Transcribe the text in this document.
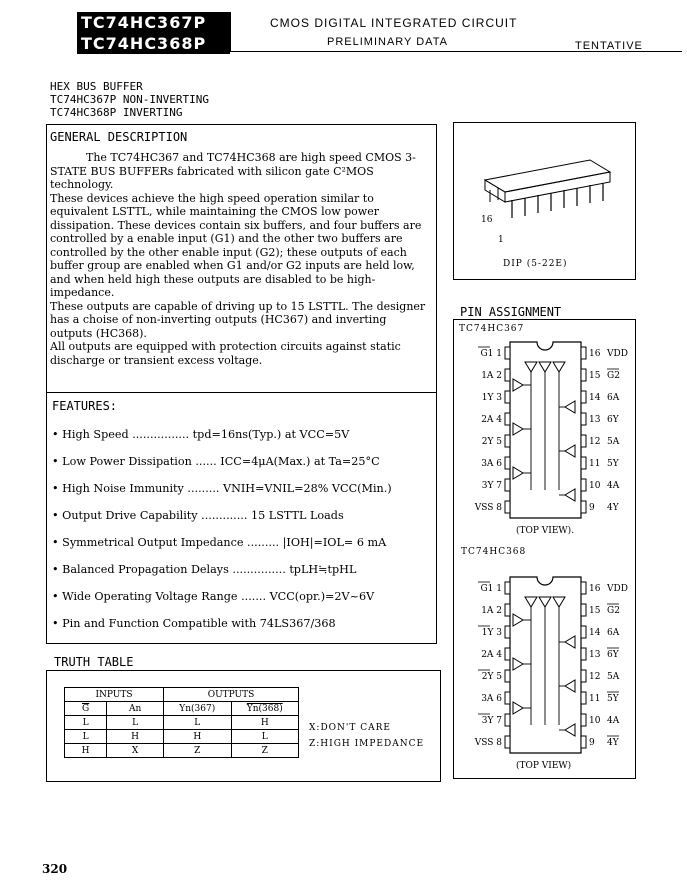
TC74HC367P
TC74HC368P
CMOS DIGITAL INTEGRATED CIRCUIT
PRELIMINARY DATA	TENTATIVE
HEX BUS BUFFER
TC74HC367P NON-INVERTING
TC74HC368P INVERTING
GENERAL DESCRIPTION

The TC74HC367 and TC74HC368 are high speed CMOS 3-STATE BUS BUFFERs fabricated with silicon gate C²MOS technology.

These devices achieve the high speed operation similar to equivalent LSTTL, while maintaining the CMOS low power dissipation. These devices contain six buffers, and four buffers are controlled by a enable input (G1) and the other two buffers are controlled by the other enable input (G2); these outputs of each buffer group are enabled when G1 and/or G2 inputs are held low, and when held high these outputs are disabled to be high-impedance.

These outputs are capable of driving up to 15 LSTTL. The designer has a choise of non-inverting outputs (HC367) and inverting outputs (HC368).

All outputs are equipped with protection circuits against static discharge or transient excess voltage.

FEATURES:
• High Speed ................ tpd=16ns(Typ.) at VCC=5V
• Low Power Dissipation ...... ICC=4μA(Max.) at Ta=25°C
• High Noise Immunity ......... VNIH=VNIL=28% VCC(Min.)
• Output Drive Capability ............. 15 LSTTL Loads
• Symmetrical Output Impedance ......... |IOH|=IOL= 6 mA
• Balanced Propagation Delays ............... tpLH≒tpHL
• Wide Operating Voltage Range ....... VCC(opr.)=2V~6V
• Pin and Function Compatible with 74LS367/368
16
1
DIP (5-22E)
PIN ASSIGNMENT
TC74HC367
TC74HC368
G1 1
1A 2
1Y 3
2A 4
2Y 5
3A 6
3Y 7
VSS 8
16 VDD
15 G2
14 6A
13 6Y
12 5A
11 5Y
10 4A
9 4Y
(TOP VIEW).
G1 1
1A 2
1Y 3
2A 4
2Y 5
3A 6
3Y 7
VSS 8
16 VDD
15 G2
14 6A
13 6Y
12 5A
11 5Y
10 4A
9 4Y
(TOP VIEW)
TRUTH TABLE
INPUTS		OUTPUTS	
$\overline{G}$	An	Yn(367)	Yn(368)
L	L	L	H
L	H	H	L
H	X	Z	Z
X:DON'T CARE
Z:HIGH IMPEDANCE
320
